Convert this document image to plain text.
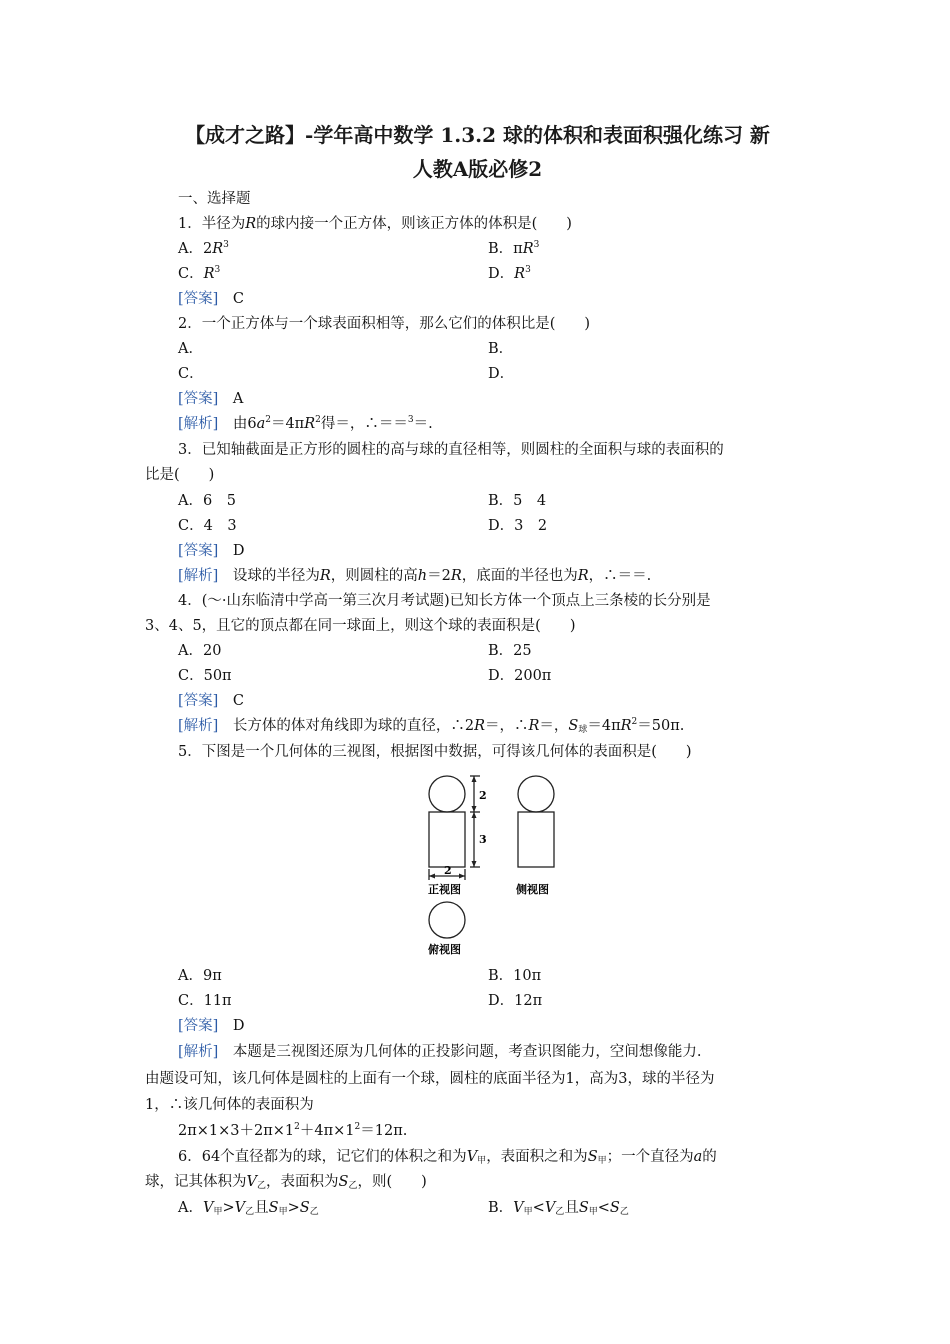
【成才之路】-学年高中数学 1.3.2 球的体积和表面积强化练习 新
人教A版必修2
一、选择题
1．半径为R的球内接一个正方体，则该正方体的体积是(　　)
A．$2R^3$	B．$\pi R^3$
C．$R^3$	D．$R^3$
[答案]　 C
2．一个正方体与一个球表面积相等，那么它们的体积比是(　　)
A．	B．
C．	D．
[答案]　 A
[解析]　 由$6a^2=4\pi R^2$得＝，∴＝＝$^3$＝.
3．已知轴截面是正方形的圆柱的高与球的直径相等，则圆柱的全面积与球的表面积的
比是(　　)
A．6　5	B．5　4
C．4　3	D．3　2
[答案]　 D
[解析]　 设球的半径为R，则圆柱的高h＝2R，底面的半径也为R，∴＝＝.
4．(～·山东临清中学高一第三次月考试题)已知长方体一个顶点上三条棱的长分别是
3、4、5，且它的顶点都在同一球面上，则这个球的表面积是(　　)
A．20	B．25
C．50π	D．200π
[答案]　 C
[解析]　 长方体的体对角线即为球的直径，∴2R＝，∴R＝，$S_球=4\pi R^2=50\pi$.
5．下图是一个几何体的三视图，根据图中数据，可得该几何体的表面积是(　　)
2
3
2
正视图	侧视图
俯视图
A．9π	B．10π
C．11π	D．12π
[答案]　 D
[解析]　 本题是三视图还原为几何体的正投影问题，考查识图能力，空间想像能力.
由题设可知，该几何体是圆柱的上面有一个球，圆柱的底面半径为1，高为3，球的半径为
1，∴该几何体的表面积为
$2\pi\times 1\times 3+2\pi\times 1^2+4\pi\times 1^2=12\pi$.
6．64个直径都为的球，记它们的体积之和为$V_甲$，表面积之和为$S_甲$；一个直径为a的
球，记其体积为$V_乙$，表面积为$S_乙$，则(　　)
A．$V_甲>V_乙$且$S_甲>S_乙$	B．$V_甲<V_乙$且$S_甲<S_乙$
